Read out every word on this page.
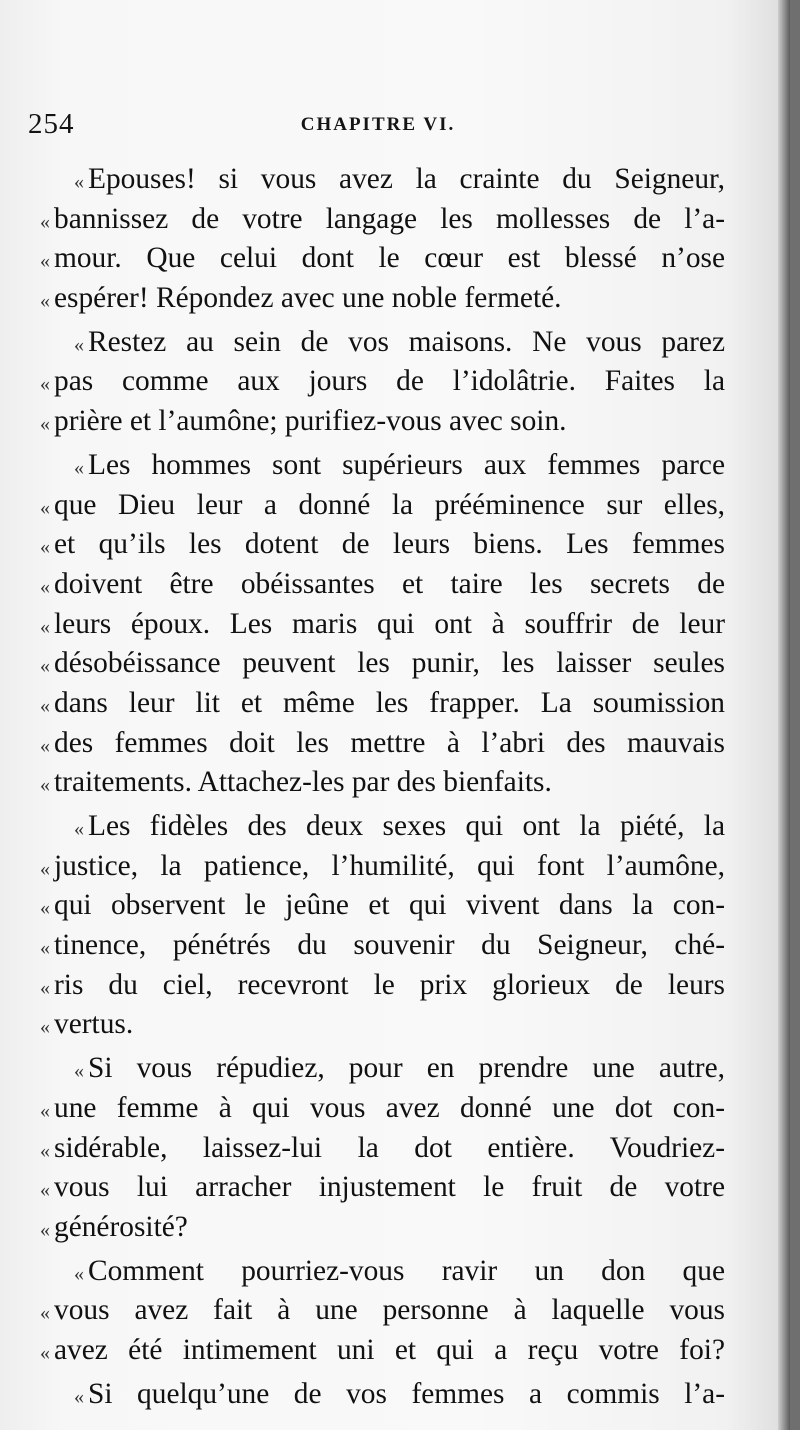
254	CHAPITRE VI.
« Epouses! si vous avez la crainte du Seigneur,
« bannissez de votre langage les mollesses de l’a-
« mour. Que celui dont le cœur est blessé n’ose
« espérer! Répondez avec une noble fermeté.
« Restez au sein de vos maisons. Ne vous parez
« pas comme aux jours de l’idolâtrie. Faites la
« prière et l’aumône; purifiez-vous avec soin.
« Les hommes sont supérieurs aux femmes parce
« que Dieu leur a donné la prééminence sur elles,
« et qu’ils les dotent de leurs biens. Les femmes
« doivent être obéissantes et taire les secrets de
« leurs époux. Les maris qui ont à souffrir de leur
« désobéissance peuvent les punir, les laisser seules
« dans leur lit et même les frapper. La soumission
« des femmes doit les mettre à l’abri des mauvais
« traitements. Attachez-les par des bienfaits.
« Les fidèles des deux sexes qui ont la piété, la
« justice, la patience, l’humilité, qui font l’aumône,
« qui observent le jeûne et qui vivent dans la con-
« tinence, pénétrés du souvenir du Seigneur, ché-
« ris du ciel, recevront le prix glorieux de leurs
« vertus.
« Si vous répudiez, pour en prendre une autre,
« une femme à qui vous avez donné une dot con-
« sidérable, laissez-lui la dot entière. Voudriez-
« vous lui arracher injustement le fruit de votre
« générosité?
« Comment pourriez-vous ravir un don que
« vous avez fait à une personne à laquelle vous
« avez été intimement uni et qui a reçu votre foi?
« Si quelqu’une de vos femmes a commis l’a-
